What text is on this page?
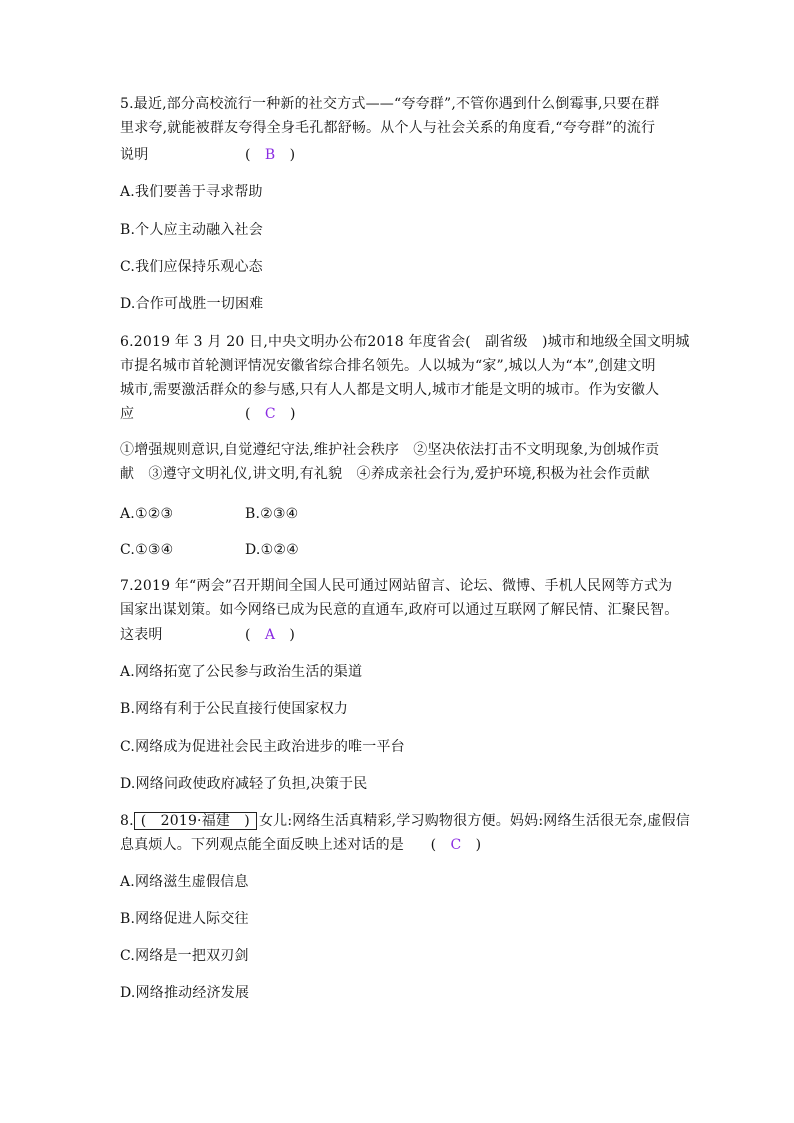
5.最近,部分高校流行一种新的社交方式——“夸夸群”,不管你遇到什么倒霉事,只要在群
里求夸,就能被群友夸得全身毛孔都舒畅。从个人与社会关系的角度看,“夸夸群”的流行
说明	(　B　)
A.我们要善于寻求帮助
B.个人应主动融入社会
C.我们应保持乐观心态
D.合作可战胜一切困难
6.2019 年 3 月 20 日,中央文明办公布2018 年度省会(　副省级　)城市和地级全国文明城
市提名城市首轮测评情况安徽省综合排名领先。人以城为“家”,城以人为“本”,创建文明
城市,需要激活群众的参与感,只有人人都是文明人,城市才能是文明的城市。作为安徽人
应	(　C　)
①增强规则意识,自觉遵纪守法,维护社会秩序　②坚决依法打击不文明现象,为创城作贡
献　③遵守文明礼仪,讲文明,有礼貌　④养成亲社会行为,爱护环境,积极为社会作贡献
A.①②③	B.②③④
C.①③④	D.①②④
7.2019 年“两会”召开期间全国人民可通过网站留言、论坛、微博、手机人民网等方式为
国家出谋划策。如今网络已成为民意的直通车,政府可以通过互联网了解民情、汇聚民智。
这表明	(　A　)
A.网络拓宽了公民参与政治生活的渠道
B.网络有利于公民直接行使国家权力
C.网络成为促进社会民主政治进步的唯一平台
D.网络问政使政府减轻了负担,决策于民
8. (　2019·福建　) 女儿:网络生活真精彩,学习购物很方便。妈妈:网络生活很无奈,虚假信
息真烦人。下列观点能全面反映上述对话的是 (　C　)
A.网络滋生虚假信息
B.网络促进人际交往
C.网络是一把双刃剑
D.网络推动经济发展
